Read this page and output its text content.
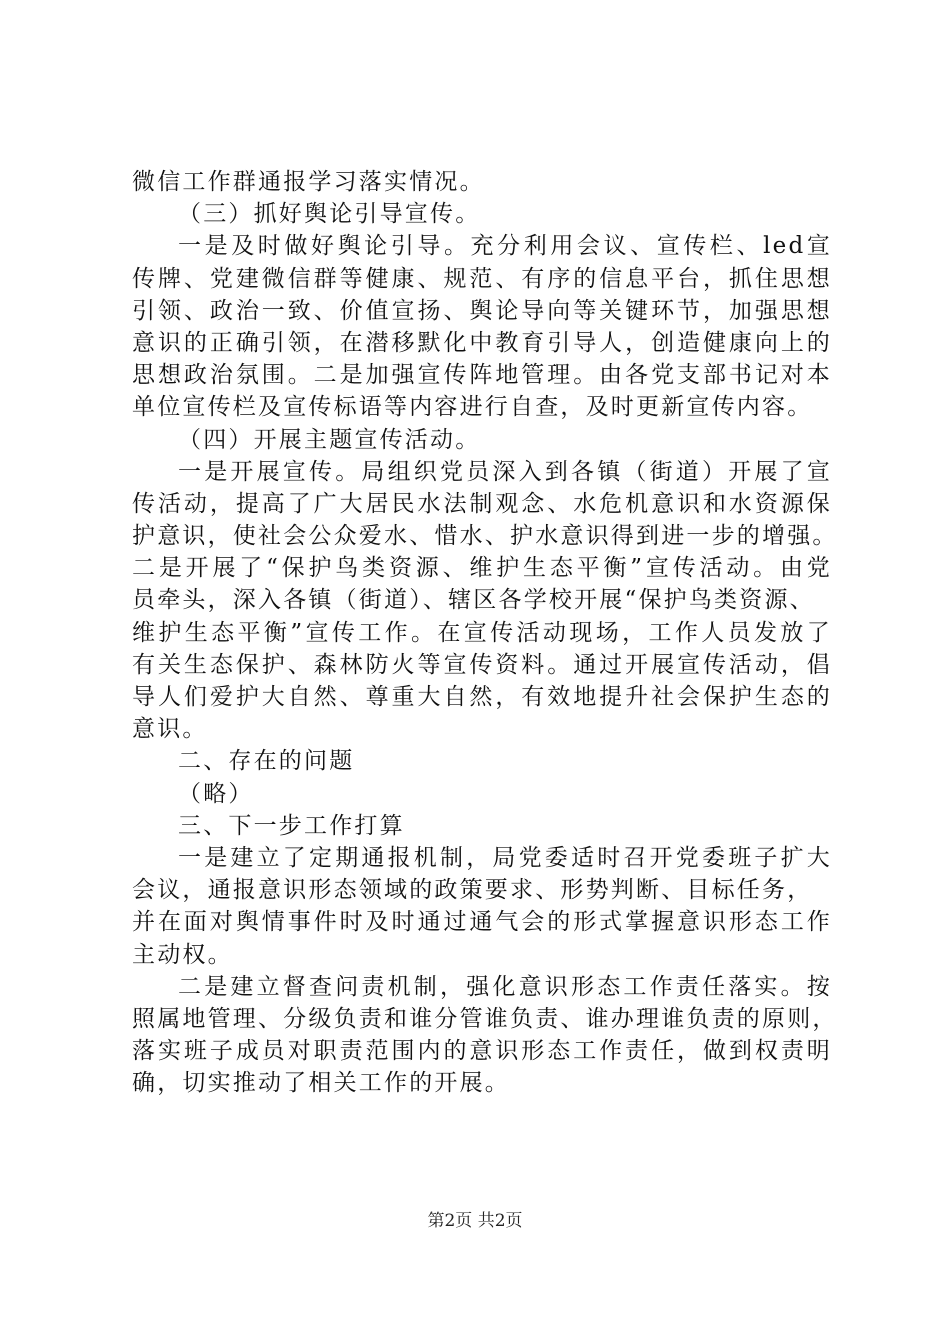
微信工作群通报学习落实情况。
（三）抓好舆论引导宣传。
一是及时做好舆论引导。充分利用会议、宣传栏、led宣
传牌、党建微信群等健康、规范、有序的信息平台，抓住思想
引领、政治一致、价值宣扬、舆论导向等关键环节，加强思想
意识的正确引领，在潜移默化中教育引导人，创造健康向上的
思想政治氛围。二是加强宣传阵地管理。由各党支部书记对本
单位宣传栏及宣传标语等内容进行自查，及时更新宣传内容。
（四）开展主题宣传活动。
一是开展宣传。局组织党员深入到各镇（街道）开展了宣
传活动，提高了广大居民水法制观念、水危机意识和水资源保
护意识，使社会公众爱水、惜水、护水意识得到进一步的增强。
二是开展了“保护鸟类资源、维护生态平衡”宣传活动。由党
员牵头，深入各镇（街道）、辖区各学校开展“保护鸟类资源、
维护生态平衡”宣传工作。在宣传活动现场，工作人员发放了
有关生态保护、森林防火等宣传资料。通过开展宣传活动，倡
导人们爱护大自然、尊重大自然，有效地提升社会保护生态的
意识。
二、存在的问题
（略）
三、下一步工作打算
一是建立了定期通报机制，局党委适时召开党委班子扩大
会议，通报意识形态领域的政策要求、形势判断、目标任务，
并在面对舆情事件时及时通过通气会的形式掌握意识形态工作
主动权。
二是建立督查问责机制，强化意识形态工作责任落实。按
照属地管理、分级负责和谁分管谁负责、谁办理谁负责的原则，
落实班子成员对职责范围内的意识形态工作责任，做到权责明
确，切实推动了相关工作的开展。
第2页 共2页
